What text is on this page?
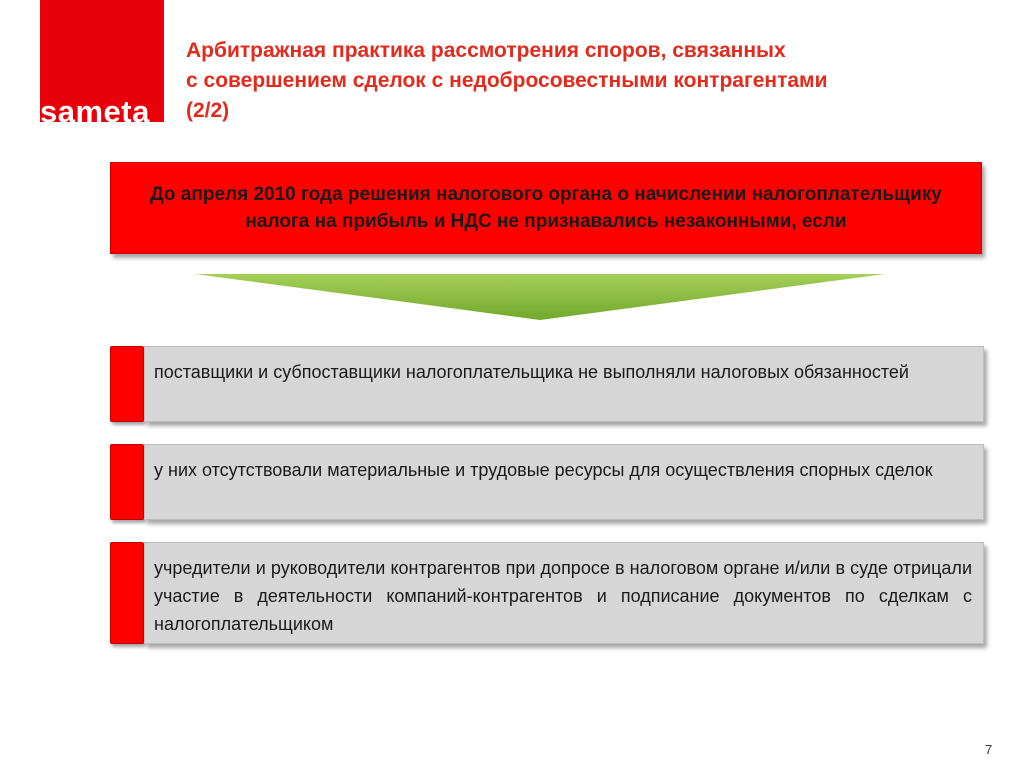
sameta
Арбитражная практика рассмотрения споров, связанных
с совершением сделок с недобросовестными контрагентами
(2/2)
До апреля 2010 года решения налогового органа о начислении налогоплательщику налога на прибыль и НДС не признавались незаконными, если
поставщики и субпоставщики налогоплательщика не выполняли налоговых обязанностей
у них отсутствовали материальные и трудовые ресурсы для осуществления спорных сделок
учредители и руководители контрагентов при допросе в налоговом органе и/или в суде отрицали участие в деятельности компаний-контрагентов и подписание документов по сделкам с налогоплательщиком
7
